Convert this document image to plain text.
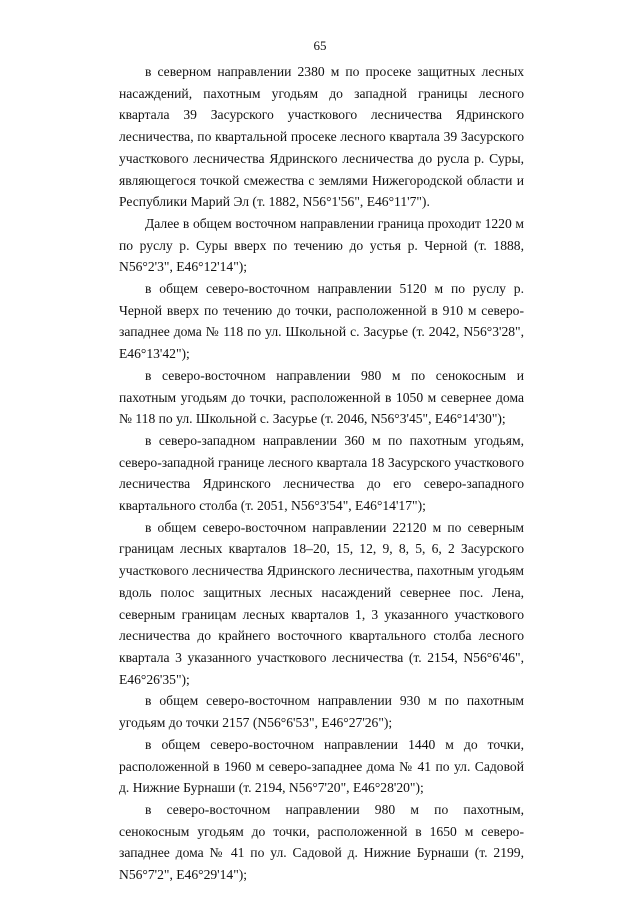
65

в северном направлении 2380 м по просеке защитных лесных насаждений, пахотным угодьям до западной границы лесного квартала 39 Засурского участкового лесничества Ядринского лесничества, по квартальной просеке лесного квартала 39 Засурского участкового лесничества Ядринского лесничества до русла р. Суры, являющегося точкой смежества с землями Нижегородской области и Республики Марий Эл (т. 1882, N56°1'56", E46°11'7").

Далее в общем восточном направлении граница проходит 1220 м по руслу р. Суры вверх по течению до устья р. Черной (т. 1888, N56°2'3", E46°12'14");

в общем северо-восточном направлении 5120 м по руслу р. Черной вверх по течению до точки, расположенной в 910 м северо-западнее дома № 118 по ул. Школьной с. Засурье (т. 2042, N56°3'28", E46°13'42");

в северо-восточном направлении 980 м по сенокосным и пахотным угодьям до точки, расположенной в 1050 м севернее дома № 118 по ул. Школьной с. Засурье (т. 2046, N56°3'45", E46°14'30");

в северо-западном направлении 360 м по пахотным угодьям, северо-западной границе лесного квартала 18 Засурского участкового лесничества Ядринского лесничества до его северо-западного квартального столба (т. 2051, N56°3'54", E46°14'17");

в общем северо-восточном направлении 22120 м по северным границам лесных кварталов 18–20, 15, 12, 9, 8, 5, 6, 2 Засурского участкового лесничества Ядринского лесничества, пахотным угодьям вдоль полос защитных лесных насаждений севернее пос. Лена, северным границам лесных кварталов 1, 3 указанного участкового лесничества до крайнего восточного квартального столба лесного квартала 3 указанного участкового лесничества (т. 2154, N56°6'46", E46°26'35");

в общем северо-восточном направлении 930 м по пахотным угодьям до точки 2157 (N56°6'53", E46°27'26");

в общем северо-восточном направлении 1440 м до точки, расположенной в 1960 м северо-западнее дома № 41 по ул. Садовой д. Нижние Бурнаши (т. 2194, N56°7'20", E46°28'20");

в северо-восточном направлении 980 м по пахотным, сенокосным угодьям до точки, расположенной в 1650 м северо-западнее дома № 41 по ул. Садовой д. Нижние Бурнаши (т. 2199, N56°7'2", E46°29'14");
